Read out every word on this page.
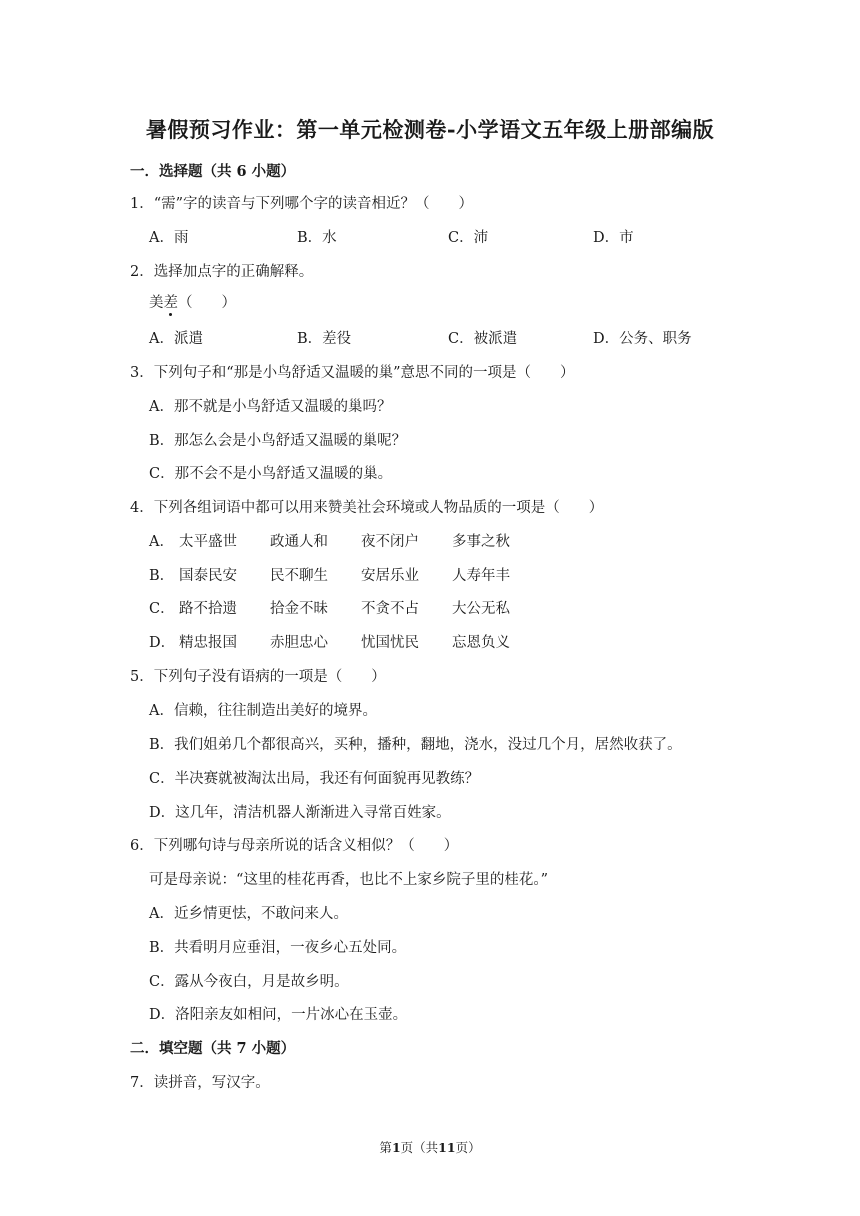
暑假预习作业：第一单元检测卷-小学语文五年级上册部编版
一．选择题（共 6 小题）
1．“需”字的读音与下列哪个字的读音相近？（　　）
A．雨	B．水	C．沛	D．市
2．选择加点字的正确解释。
美差（　　）
A．派遣	B．差役	C．被派遣	D．公务、职务
3．下列句子和“那是小鸟舒适又温暖的巢”意思不同的一项是（　　）
A．那不就是小鸟舒适又温暖的巢吗？
B．那怎么会是小鸟舒适又温暖的巢呢？
C．那不会不是小鸟舒适又温暖的巢。
4．下列各组词语中都可以用来赞美社会环境或人物品质的一项是（　　）
A． 太平盛世 政通人和 夜不闭户 多事之秋
B． 国泰民安 民不聊生 安居乐业 人寿年丰
C． 路不拾遗 拾金不昧 不贪不占 大公无私
D． 精忠报国 赤胆忠心 忧国忧民 忘恩负义
5．下列句子没有语病的一项是（　　）
A．信赖，往往制造出美好的境界。
B．我们姐弟几个都很高兴，买种，播种，翻地，浇水，没过几个月，居然收获了。
C．半决赛就被淘汰出局，我还有何面貌再见教练？
D．这几年，清洁机器人渐渐进入寻常百姓家。
6．下列哪句诗与母亲所说的话含义相似？（　　）
可是母亲说：“这里的桂花再香，也比不上家乡院子里的桂花。”
A．近乡情更怯，不敢问来人。
B．共看明月应垂泪，一夜乡心五处同。
C．露从今夜白，月是故乡明。
D．洛阳亲友如相问，一片冰心在玉壶。
二．填空题（共 7 小题）
7．读拼音，写汉字。
第1页（共11页）
